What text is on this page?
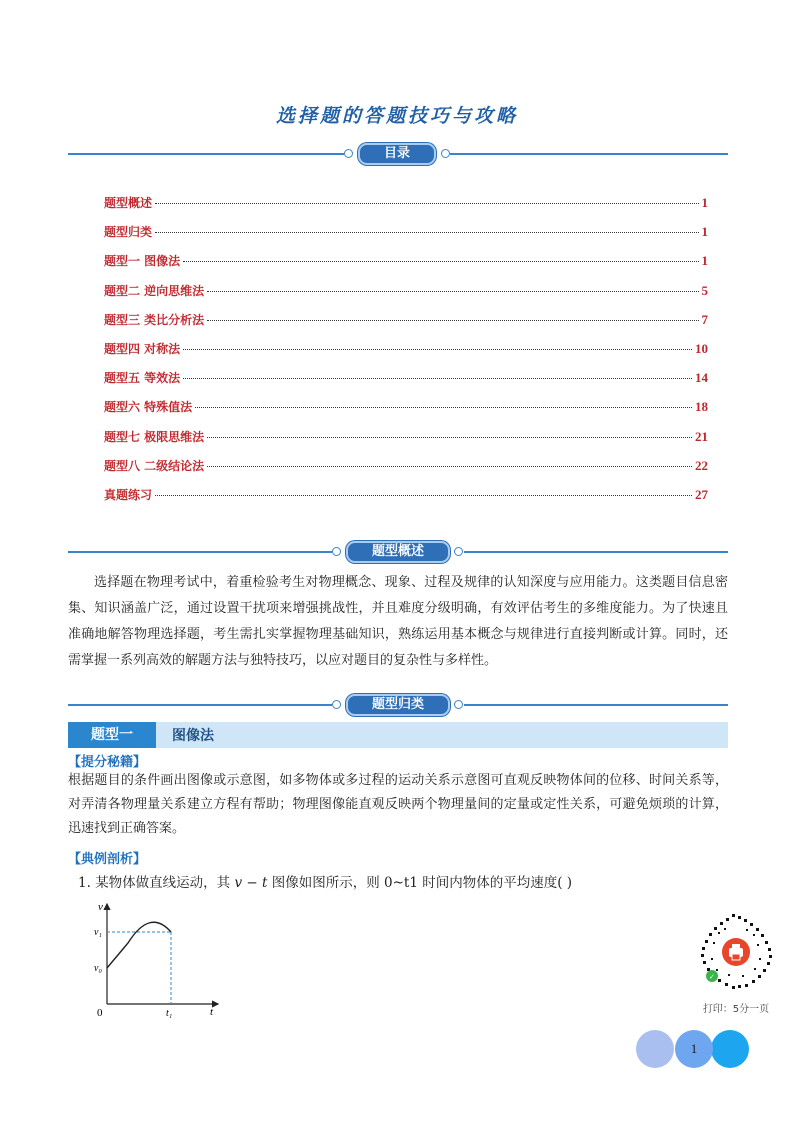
选择题的答题技巧与攻略
目录
题型概述	1
题型归类	1
题型一 图像法	1
题型二 逆向思维法	5
题型三 类比分析法	7
题型四 对称法	10
题型五 等效法	14
题型六 特殊值法	18
题型七 极限思维法	21
题型八 二级结论法	22
真题练习	27
题型概述
选择题在物理考试中，着重检验考生对物理概念、现象、过程及规律的认知深度与应用能力。这类题目信息密集、知识涵盖广泛，通过设置干扰项来增强挑战性，并且难度分级明确，有效评估考生的多维度能力。为了快速且准确地解答物理选择题，考生需扎实掌握物理基础知识，熟练运用基本概念与规律进行直接判断或计算。同时，还需掌握一系列高效的解题方法与独特技巧，以应对题目的复杂性与多样性。
题型归类
题型一	图像法
【提分秘籍】
根据题目的条件画出图像或示意图，如多物体或多过程的运动关系示意图可直观反映物体间的位移、时间关系等，对弄清各物理量关系建立方程有帮助；物理图像能直观反映两个物理量间的定量或定性关系，可避免烦琐的计算，迅速找到正确答案。
【典例剖析】
1. 某物体做直线运动，其 v − t 图像如图所示，则 0~t1 时间内物体的平均速度( )
v
t
0
v₁
v₀
t₁
✓
打印：5分一页
1
